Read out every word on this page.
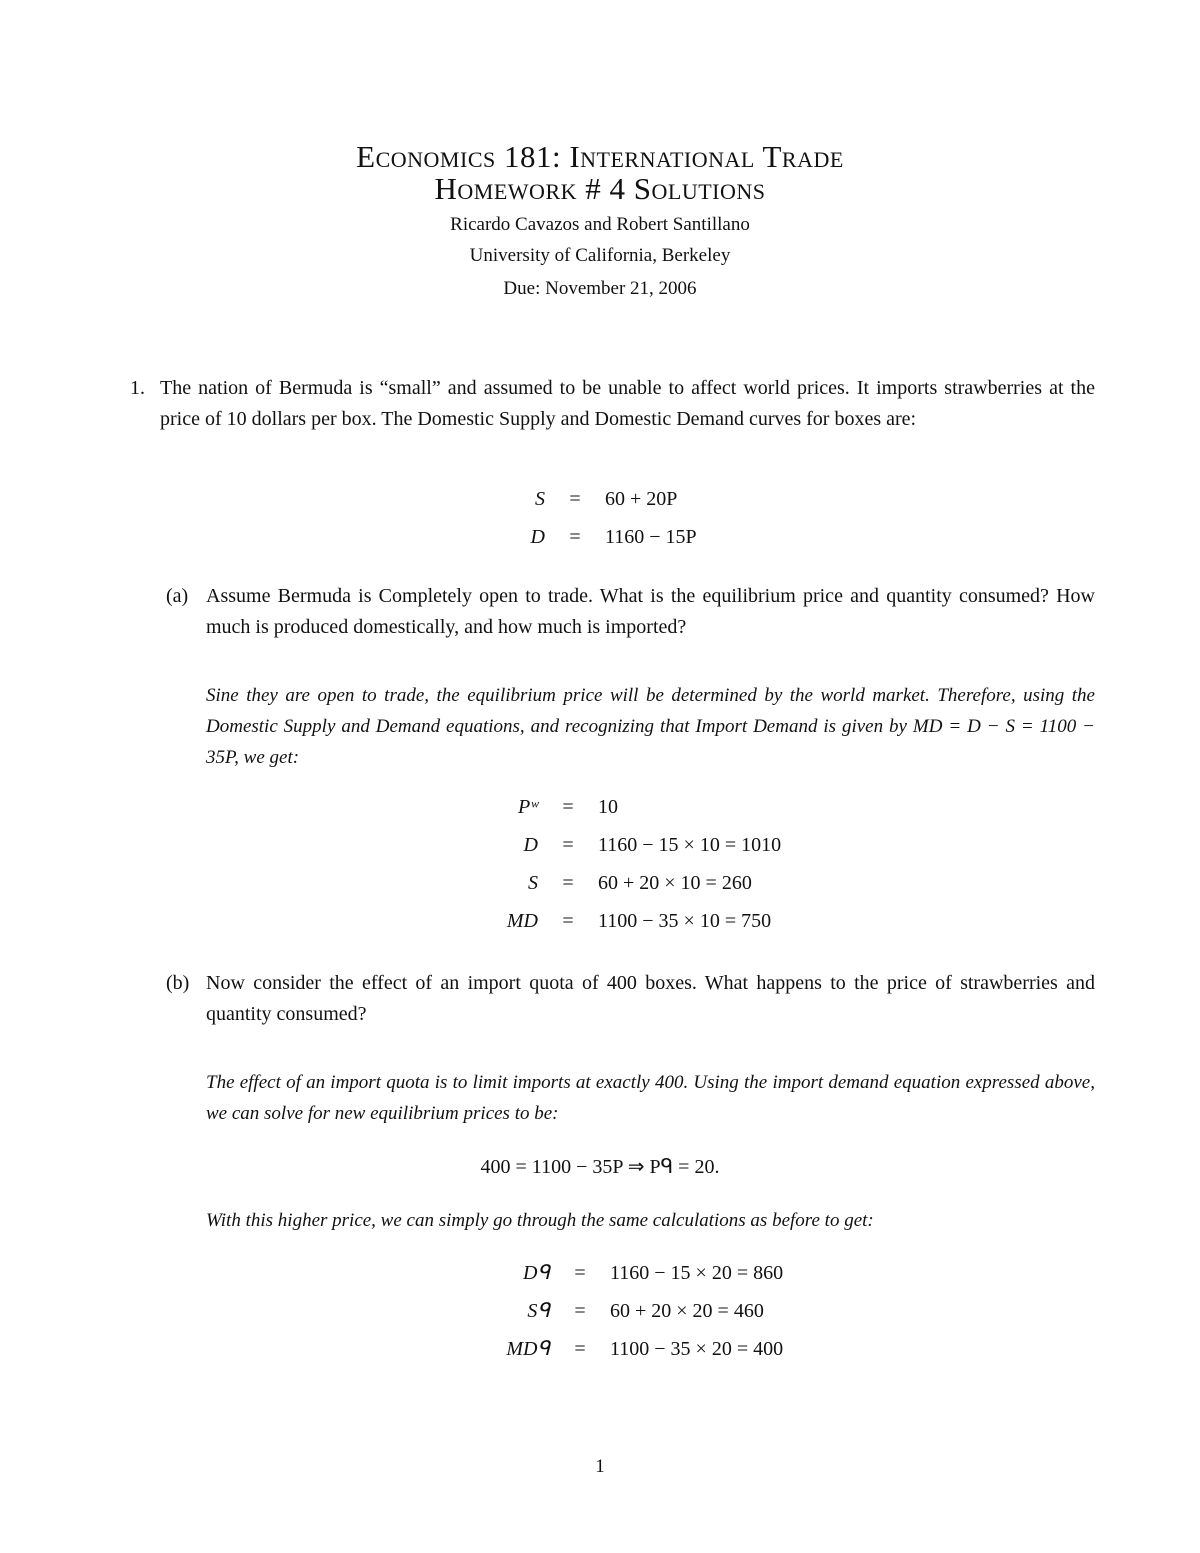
Economics 181: International Trade
Homework # 4 Solutions
Ricardo Cavazos and Robert Santillano
University of California, Berkeley
Due: November 21, 2006
1. The nation of Bermuda is “small” and assumed to be unable to affect world prices. It imports strawberries at the price of 10 dollars per box. The Domestic Supply and Domestic Demand curves for boxes are:
S	=	60 + 20P
D	=	1160 − 15P
(a) Assume Bermuda is Completely open to trade. What is the equilibrium price and quantity consumed? How much is produced domestically, and how much is imported?
Sine they are open to trade, the equilibrium price will be determined by the world market. Therefore, using the Domestic Supply and Demand equations, and recognizing that Import Demand is given by MD = D − S = 1100 − 35P, we get:
Pʷ	=	10
D	=	1160 − 15 × 10 = 1010
S	=	60 + 20 × 10 = 260
MD	=	1100 − 35 × 10 = 750
(b) Now consider the effect of an import quota of 400 boxes. What happens to the price of strawberries and quantity consumed?
The effect of an import quota is to limit imports at exactly 400. Using the import demand equation expressed above, we can solve for new equilibrium prices to be:
400 = 1100 − 35P ⇒ Pᑫ = 20.
With this higher price, we can simply go through the same calculations as before to get:
Dᑫ	=	1160 − 15 × 20 = 860
Sᑫ	=	60 + 20 × 20 = 460
MDᑫ	=	1100 − 35 × 20 = 400
1
